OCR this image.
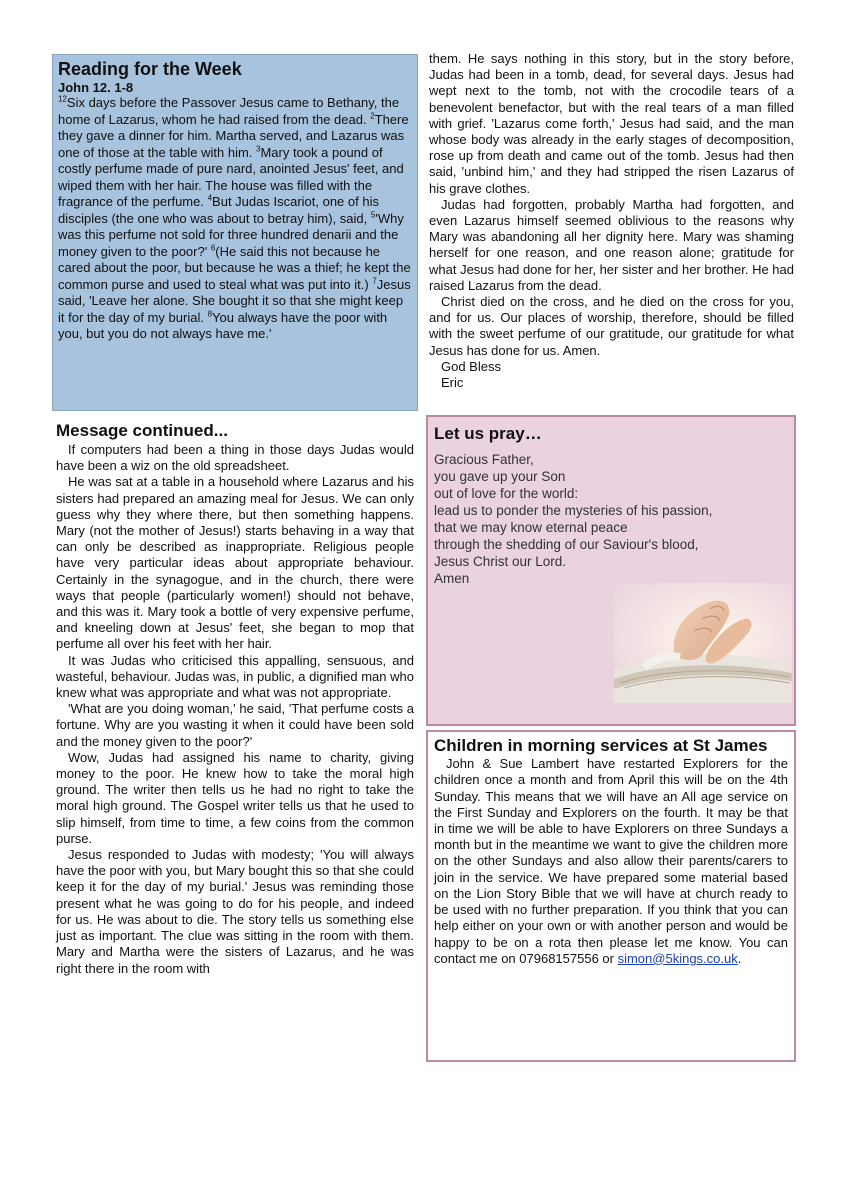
Reading for the Week
John 12. 1-8
$^{12}$Six days before the Passover Jesus came to Bethany, the home of Lazarus, whom he had raised from the dead. $^2$There they gave a dinner for him. Martha served, and Lazarus was one of those at the table with him. $^3$Mary took a pound of costly perfume made of pure nard, anointed Jesus' feet, and wiped them with her hair. The house was filled with the fragrance of the perfume. $^4$But Judas Iscariot, one of his disciples (the one who was about to betray him), said, $^5$'Why was this perfume not sold for three hundred denarii and the money given to the poor?' $^6$(He said this not because he cared about the poor, but because he was a thief; he kept the common purse and used to steal what was put into it.) $^7$Jesus said, 'Leave her alone. She bought it so that she might keep it for the day of my burial. $^8$You always have the poor with you, but you do not always have me.'
Message continued...

If computers had been a thing in those days Judas would have been a wiz on the old spreadsheet.

He was sat at a table in a household where Lazarus and his sisters had prepared an amazing meal for Jesus. We can only guess why they where there, but then something happens. Mary (not the mother of Jesus!) starts behaving in a way that can only be described as inappropriate. Religious people have very particular ideas about appropriate behaviour. Certainly in the synagogue, and in the church, there were ways that people (particularly women!) should not behave, and this was it. Mary took a bottle of very expensive perfume, and kneeling down at Jesus' feet, she began to mop that perfume all over his feet with her hair.

It was Judas who criticised this appalling, sensuous, and wasteful, behaviour. Judas was, in public, a dignified man who knew what was appropriate and what was not appropriate.

'What are you doing woman,' he said, 'That perfume costs a fortune. Why are you wasting it when it could have been sold and the money given to the poor?'

Wow, Judas had assigned his name to charity, giving money to the poor. He knew how to take the moral high ground. The writer then tells us he had no right to take the moral high ground. The Gospel writer tells us that he used to slip himself, from time to time, a few coins from the common purse.

Jesus responded to Judas with modesty; 'You will always have the poor with you, but Mary bought this so that she could keep it for the day of my burial.' Jesus was reminding those present what he was going to do for his people, and indeed for us. He was about to die. The story tells us something else just as important. The clue was sitting in the room with them. Mary and Martha were the sisters of Lazarus, and he was right there in the room with

them. He says nothing in this story, but in the story before, Judas had been in a tomb, dead, for several days. Jesus had wept next to the tomb, not with the crocodile tears of a benevolent benefactor, but with the real tears of a man filled with grief. 'Lazarus come forth,' Jesus had said, and the man whose body was already in the early stages of decomposition, rose up from death and came out of the tomb. Jesus had then said, 'unbind him,' and they had stripped the risen Lazarus of his grave clothes.

Judas had forgotten, probably Martha had forgotten, and even Lazarus himself seemed oblivious to the reasons why Mary was abandoning all her dignity here. Mary was shaming herself for one reason, and one reason alone; gratitude for what Jesus had done for her, her sister and her brother. He had raised Lazarus from the dead.

Christ died on the cross, and he died on the cross for you, and for us. Our places of worship, therefore, should be filled with the sweet perfume of our gratitude, our gratitude for what Jesus has done for us. Amen.

God Bless

Eric

Let us pray…
Gracious Father,
you gave up your Son
out of love for the world:
lead us to ponder the mysteries of his passion,
that we may know eternal peace
through the shedding of our Saviour's blood,
Jesus Christ our Lord.
Amen
Children in morning services at St James

John & Sue Lambert have restarted Explorers for the children once a month and from April this will be on the 4th Sunday. This means that we will have an All age service on the First Sunday and Explorers on the fourth. It may be that in time we will be able to have Explorers on three Sundays a month but in the meantime we want to give the children more on the other Sundays and also allow their parents/carers to join in the service. We have prepared some material based on the Lion Story Bible that we will have at church ready to be used with no further preparation. If you think that you can help either on your own or with another person and would be happy to be on a rota then please let me know. You can contact me on 07968157556 or simon@5kings.co.uk.
